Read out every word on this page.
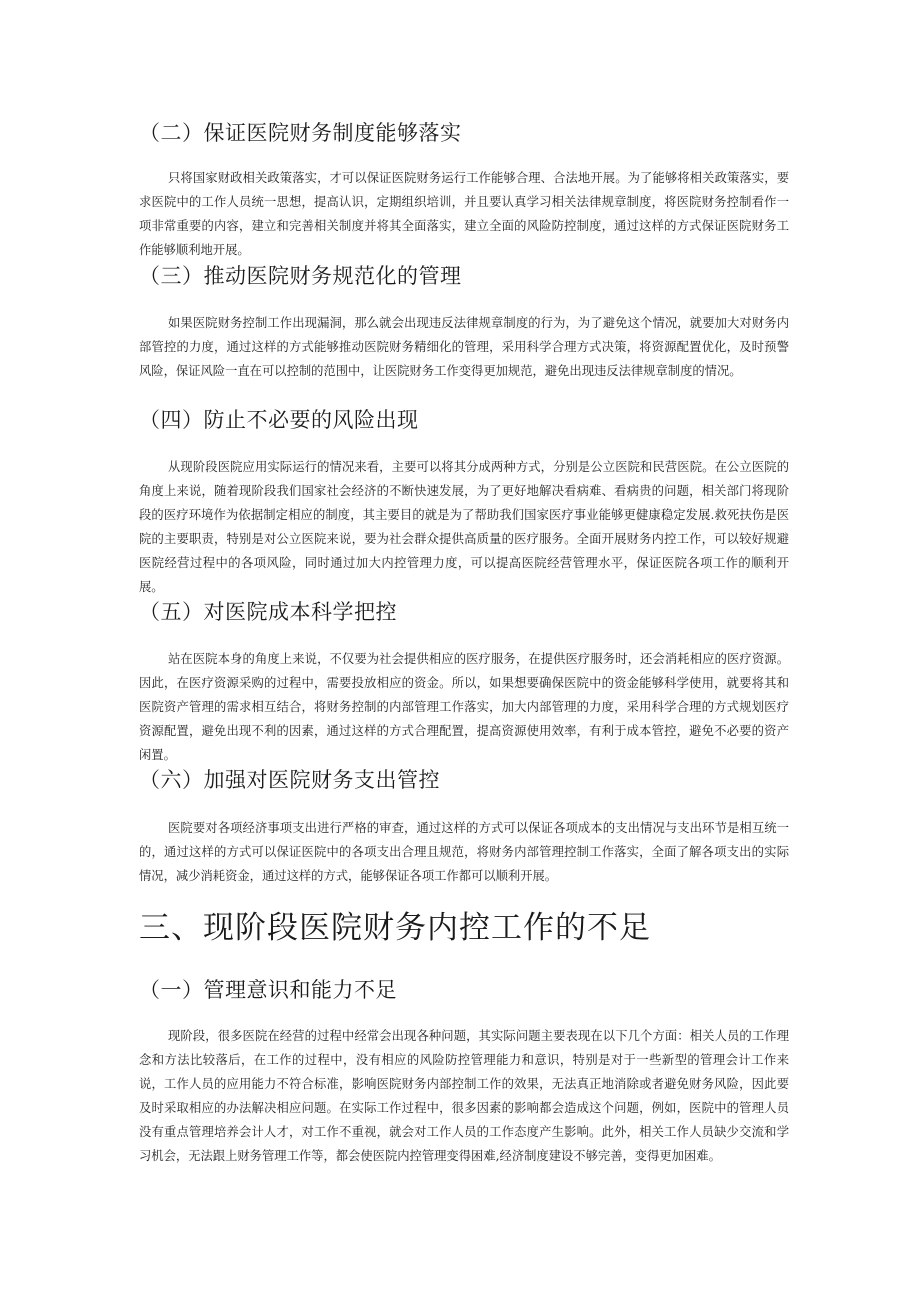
（二）保证医院财务制度能够落实
只将国家财政相关政策落实，才可以保证医院财务运行工作能够合理、合法地开展。为了能够将相关政策落实，要求医院中的工作人员统一思想，提高认识，定期组织培训，并且要认真学习相关法律规章制度，将医院财务控制看作一项非常重要的内容，建立和完善相关制度并将其全面落实，建立全面的风险防控制度，通过这样的方式保证医院财务工作能够顺利地开展。
（三）推动医院财务规范化的管理
如果医院财务控制工作出现漏洞，那么就会出现违反法律规章制度的行为，为了避免这个情况，就要加大对财务内部管控的力度，通过这样的方式能够推动医院财务精细化的管理，采用科学合理方式决策，将资源配置优化，及时预警风险，保证风险一直在可以控制的范围中，让医院财务工作变得更加规范，避免出现违反法律规章制度的情况。
（四）防止不必要的风险出现
从现阶段医院应用实际运行的情况来看，主要可以将其分成两种方式，分别是公立医院和民营医院。在公立医院的角度上来说，随着现阶段我们国家社会经济的不断快速发展，为了更好地解决看病难、看病贵的问题，相关部门将现阶段的医疗环境作为依据制定相应的制度，其主要目的就是为了帮助我们国家医疗事业能够更健康稳定发展.救死扶伤是医院的主要职责，特别是对公立医院来说，要为社会群众提供高质量的医疗服务。全面开展财务内控工作，可以较好规避医院经营过程中的各项风险，同时通过加大内控管理力度，可以提高医院经营管理水平，保证医院各项工作的顺利开展。
（五）对医院成本科学把控
站在医院本身的角度上来说，不仅要为社会提供相应的医疗服务，在提供医疗服务时，还会消耗相应的医疗资源。因此，在医疗资源采购的过程中，需要投放相应的资金。所以，如果想要确保医院中的资金能够科学使用，就要将其和医院资产管理的需求相互结合，将财务控制的内部管理工作落实，加大内部管理的力度，采用科学合理的方式规划医疗资源配置，避免出现不利的因素，通过这样的方式合理配置，提高资源使用效率，有利于成本管控，避免不必要的资产闲置。
（六）加强对医院财务支出管控
医院要对各项经济事项支出进行严格的审查，通过这样的方式可以保证各项成本的支出情况与支出环节是相互统一的，通过这样的方式可以保证医院中的各项支出合理且规范，将财务内部管理控制工作落实，全面了解各项支出的实际情况，减少消耗资金，通过这样的方式，能够保证各项工作都可以顺利开展。
三、现阶段医院财务内控工作的不足
（一）管理意识和能力不足
现阶段，很多医院在经营的过程中经常会出现各种问题，其实际问题主要表现在以下几个方面：相关人员的工作理念和方法比较落后，在工作的过程中，没有相应的风险防控管理能力和意识，特别是对于一些新型的管理会计工作来说，工作人员的应用能力不符合标准，影响医院财务内部控制工作的效果，无法真正地消除或者避免财务风险，因此要及时采取相应的办法解决相应问题。在实际工作过程中，很多因素的影响都会造成这个问题，例如，医院中的管理人员没有重点管理培养会计人才，对工作不重视，就会对工作人员的工作态度产生影响。此外，相关工作人员缺少交流和学习机会，无法跟上财务管理工作等，都会使医院内控管理变得困难,经济制度建设不够完善，变得更加困难。
